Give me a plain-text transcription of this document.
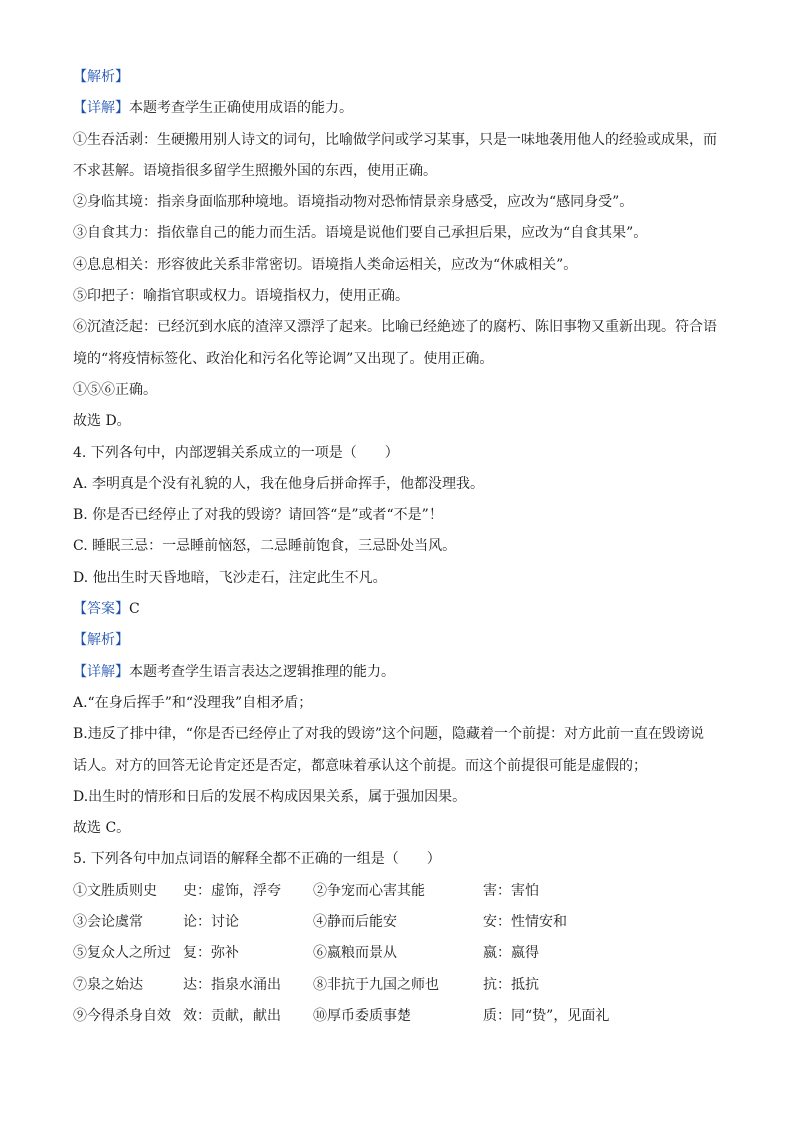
【解析】
【详解】本题考查学生正确使用成语的能力。
①生吞活剥：生硬搬用别人诗文的词句，比喻做学问或学习某事，只是一味地袭用他人的经验或成果，而
不求甚解。语境指很多留学生照搬外国的东西，使用正确。
②身临其境：指亲身面临那种境地。语境指动物对恐怖情景亲身感受，应改为“感同身受”。
③自食其力：指依靠自己的能力而生活。语境是说他们要自己承担后果，应改为“自食其果”。
④息息相关：形容彼此关系非常密切。语境指人类命运相关，应改为“休戚相关”。
⑤印把子：喻指官职或权力。语境指权力，使用正确。
⑥沉渣泛起：已经沉到水底的渣滓又漂浮了起来。比喻已经絶迹了的腐朽、陈旧事物又重新出现。符合语
境的“将疫情标签化、政治化和污名化等论调”又出现了。使用正确。
①⑤⑥正确。
故选 D。
4. 下列各句中，内部逻辑关系成立的一项是（　　）
A. 李明真是个没有礼貌的人，我在他身后拼命挥手，他都没理我。
B. 你是否已经停止了对我的毁谤？请回答“是”或者“不是”！
C. 睡眠三忌：一忌睡前恼怒，二忌睡前饱食，三忌卧处当风。
D. 他出生时天昏地暗，飞沙走石，注定此生不凡。
【答案】C
【解析】
【详解】本题考查学生语言表达之逻辑推理的能力。
A.“在身后挥手”和“没理我”自相矛盾；
B.违反了排中律，“你是否已经停止了对我的毁谤”这个问题，隐藏着一个前提：对方此前一直在毁谤说
话人。对方的回答无论肯定还是否定，都意味着承认这个前提。而这个前提很可能是虚假的；
D.出生时的情形和日后的发展不构成因果关系，属于强加因果。
故选 C。
5. 下列各句中加点词语的解释全都不正确的一组是（　　）
①文胜质则史	史：虚饰，浮夸	②争宠而心害其能	害：害怕
③会论虞常	论：讨论	④静而后能安	安：性情安和
⑤复众人之所过 复：弥补	⑥嬴粮而景从	嬴：嬴得
⑦泉之始达	达：指泉水涌出	⑧非抗于九国之师也	抗：抵抗
⑨今得杀身自效 效：贡献，献出	⑩厚币委质事楚	质：同“贽”，见面礼
